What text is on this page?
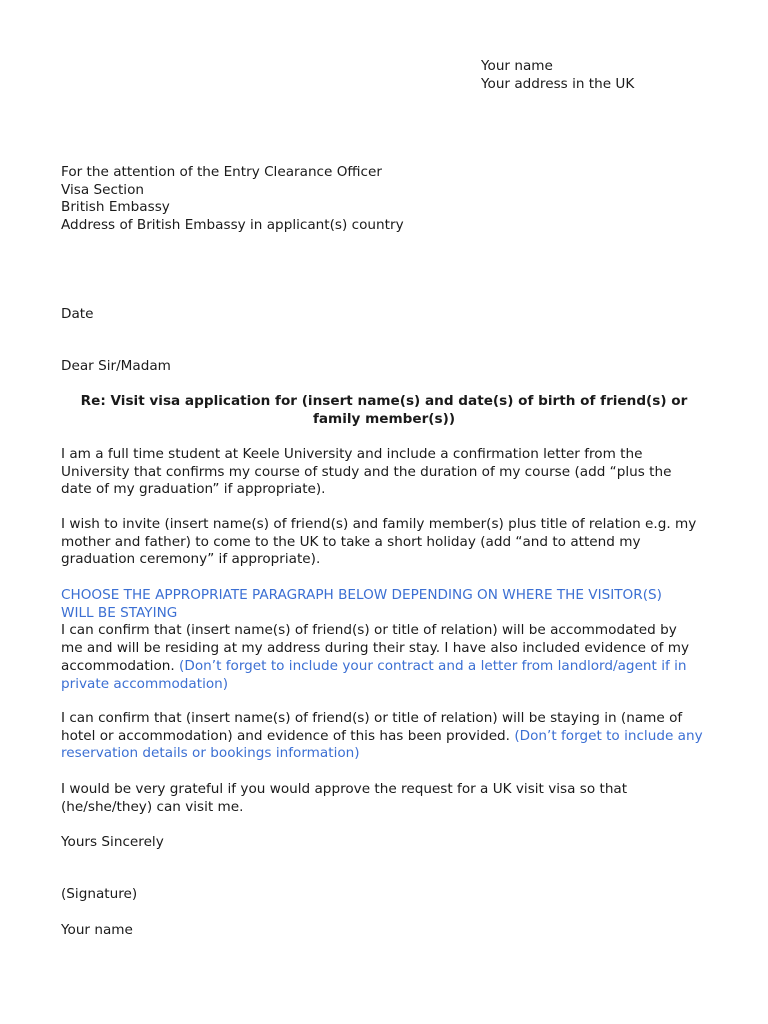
Your name
Your address in the UK
For the attention of the Entry Clearance Officer
Visa Section
British Embassy
Address of British Embassy in applicant(s) country
Date
Dear Sir/Madam
Re: Visit visa application for (insert name(s) and date(s) of birth of friend(s) or
family member(s))
I am a full time student at Keele University and include a confirmation letter from the
University that confirms my course of study and the duration of my course (add “plus the
date of my graduation” if appropriate).
I wish to invite (insert name(s) of friend(s) and family member(s) plus title of relation e.g. my
mother and father) to come to the UK to take a short holiday (add “and to attend my
graduation ceremony” if appropriate).
CHOOSE THE APPROPRIATE PARAGRAPH BELOW DEPENDING ON WHERE THE VISITOR(S)
WILL BE STAYING
I can confirm that (insert name(s) of friend(s) or title of relation) will be accommodated by
me and will be residing at my address during their stay. I have also included evidence of my
accommodation. (Don’t forget to include your contract and a letter from landlord/agent if in
private accommodation)
I can confirm that (insert name(s) of friend(s) or title of relation) will be staying in (name of
hotel or accommodation) and evidence of this has been provided. (Don’t forget to include any
reservation details or bookings information)
I would be very grateful if you would approve the request for a UK visit visa so that
(he/she/they) can visit me.
Yours Sincerely
(Signature)
Your name
